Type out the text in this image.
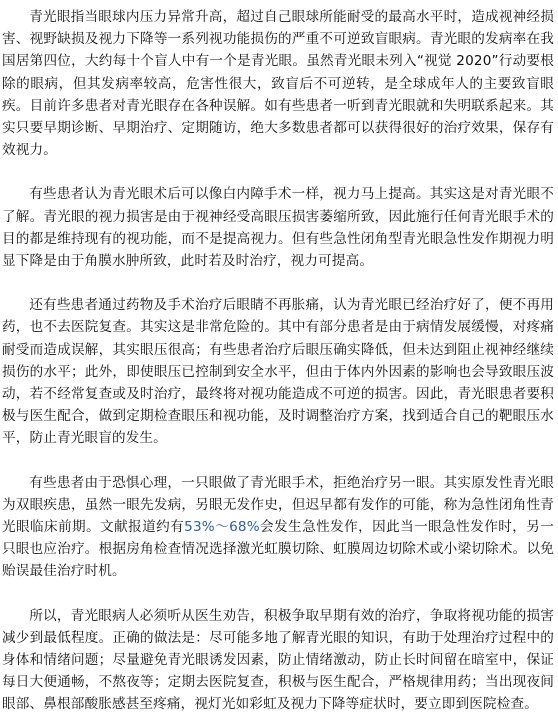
青光眼指当眼球内压力异常升高，超过自己眼球所能耐受的最高水平时，造成视神经损害、视野缺损及视力下降等一系列视功能损伤的严重不可逆致盲眼病。青光眼的发病率在我国居第四位，大约每十个盲人中有一个是青光眼。虽然青光眼未列入“视觉 2020”行动要根除的眼病，但其发病率较高，危害性很大，致盲后不可逆转，是全球成年人的主要致盲眼疾。目前许多患者对青光眼存在各种误解。如有些患者一听到青光眼就和失明联系起来。其实只要早期诊断、早期治疗、定期随访，绝大多数患者都可以获得很好的治疗效果，保存有效视力。

有些患者认为青光眼术后可以像白内障手术一样，视力马上提高。其实这是对青光眼不了解。青光眼的视力损害是由于视神经受高眼压损害萎缩所致，因此施行任何青光眼手术的目的都是维持现有的视功能，而不是提高视力。但有些急性闭角型青光眼急性发作期视力明显下降是由于角膜水肿所致，此时若及时治疗，视力可提高。

还有些患者通过药物及手术治疗后眼睛不再胀痛，认为青光眼已经治疗好了，便不再用药，也不去医院复查。其实这是非常危险的。其中有部分患者是由于病情发展缓慢，对疼痛耐受而造成误解，其实眼压很高；有些患者治疗后眼压确实降低，但未达到阻止视神经继续损伤的水平；此外，即使眼压已控制到安全水平，但由于体内外因素的影响也会导致眼压波动，若不经常复查或及时治疗，最终将对视功能造成不可逆的损害。因此，青光眼患者要积极与医生配合，做到定期检查眼压和视功能，及时调整治疗方案，找到适合自己的靶眼压水平，防止青光眼盲的发生。

有些患者由于恐惧心理，一只眼做了青光眼手术，拒绝治疗另一眼。其实原发性青光眼为双眼疾患，虽然一眼先发病，另眼无发作史，但迟早都有发作的可能，称为急性闭角性青光眼临床前期。文献报道约有53%～68%会发生急性发作，因此当一眼急性发作时，另一只眼也应治疗。根据房角检查情况选择激光虹膜切除、虹膜周边切除术或小梁切除术。以免贻误最佳治疗时机。

所以，青光眼病人必须听从医生劝告，积极争取早期有效的治疗，争取将视功能的损害减少到最低程度。正确的做法是：尽可能多地了解青光眼的知识，有助于处理治疗过程中的身体和情绪问题；尽量避免青光眼诱发因素，防止情绪激动，防止长时间留在暗室中，保证每日大便通畅，不熬夜等；定期去医院复查，积极与医生配合，严格规律用药；当出现夜间眼部、鼻根部酸胀感甚至疼痛，视灯光如彩虹及视力下降等症状时，要立即到医院检查。
